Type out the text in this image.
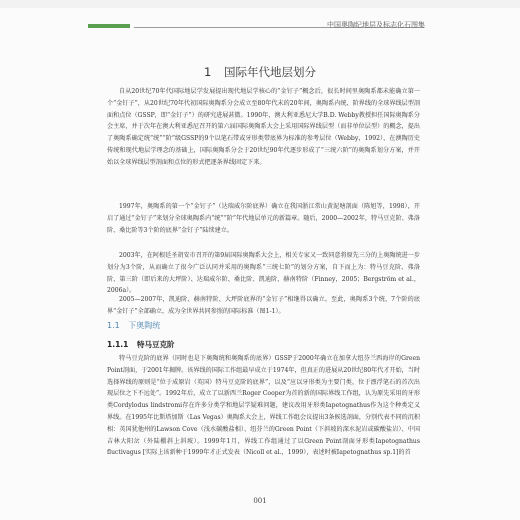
中国奥陶纪地层及标志化石图集
1 国际年代地层划分

自从20世纪70年代国际地层学发展提出现代地层学核心的“金钉子”概念后，很长时间里奥陶系都未能确立第一个“金钉子”，从20世纪70年代初国际奥陶系分会成立至80年代末的20年间，奥陶系内统、阶界线的全球界线层型剖面和点位（GSSP，即“金钉子”）的研究进展甚微。1990年，澳大利亚悉尼大学B.D. Webby教授担任国际奥陶系分会主席，并于次年在澳大利亚悉尼召开的第六届国际奥陶系大会上采用国际界线层型（而非单位层型）的概念，提出了奥陶系确定统“统”“阶”级GSSP的9个以笔石带或牙形类带底界为标准的参考层位（Webby，1992），在澳陶历史传统和现代地层学理念的基础上，国际奥陶系分会于20世纪90年代逐步形成了“三统六阶”的奥陶系划分方案，并开始以全球界线层型剖面和点位的形式把逐条界线固定下来。

1997年，奥陶系的第一个“金钉子”（达瑞威尔阶底界）确立在我国浙江常山黄泥塘剖面（陈旭等，1998），开启了通过“金钉子”来划分全球奥陶系内“统”“阶”年代地层单元的新篇章。随后，2000—2002年，特马豆克阶、弗洛阶、桑比阶等3个阶的底界“金钉子”陆续建立。

2003年，在阿根廷圣胡安市召开的第9届国际奥陶系大会上，相关专家又一致同意将原先三分的上奥陶统进一步划分为3个阶，从而确立了很今广泛认同并采用的奥陶系“三统七阶”的划分方案，自下而上为：特马豆克阶、弗洛阶、第三阶（即后来的大坪阶）、达瑞威尔阶、桑比阶、凯迪阶、赫南特阶（Finney，2005；Bergström et al.，2006a）。

2005—2007年，凯迪阶、赫南特阶、大坪阶底界的“金钉子”相继得以确立。至此，奥陶系3个统、7个阶的底界“金钉子”全部确立，成为全世界共同参照的国际标准（图1-1）。

1.1 下奥陶统
1.1.1 特马豆克阶

特马豆克阶的底界（同时也是下奥陶统和奥陶系的底界）GSSP于2000年确立在加拿大纽芬兰西海岸的Green Point剖面，于2001年揭牌。该界线的国际工作组最早成立于1974年，但真正的进展从20世纪80年代才开始，当时选择界线的原则是“位于成原岩（英国）特马豆克阶的底界”，以及“应以牙形类为主要门类，位于漂浮笔石的首次出现层位之下不远处”。1992年后，成立了以新西兰Roger Cooper为首的新的国际界线工作组，认为原先采用的牙形类Cordylodus lindstromi存在许多分类学和地层学疑难问题，建议改用牙形类Iapetognathus作为这个种类定义界线。在1995年比斯塔加斯（Las Vegas）奥陶系大会上，界线工作组会议提出3条候选剖面，分别代表不同的沉积相：英国犹他州的Lawson Cove（浅水碳酸盐相）、纽芬兰的Green Point（下斜坡的深水泥岩或碳酸盐岩）、中国吉林大阳岔（外陆棚斜上斜坡）。1999年1月，界线工作组通过了以Green Point剖面牙形类Iapetognathus fluctivagus [实际上该新种于1999年才正式发表（Nicoll et al.，1999），表述时被Iapetognathus sp.1]的首

001
